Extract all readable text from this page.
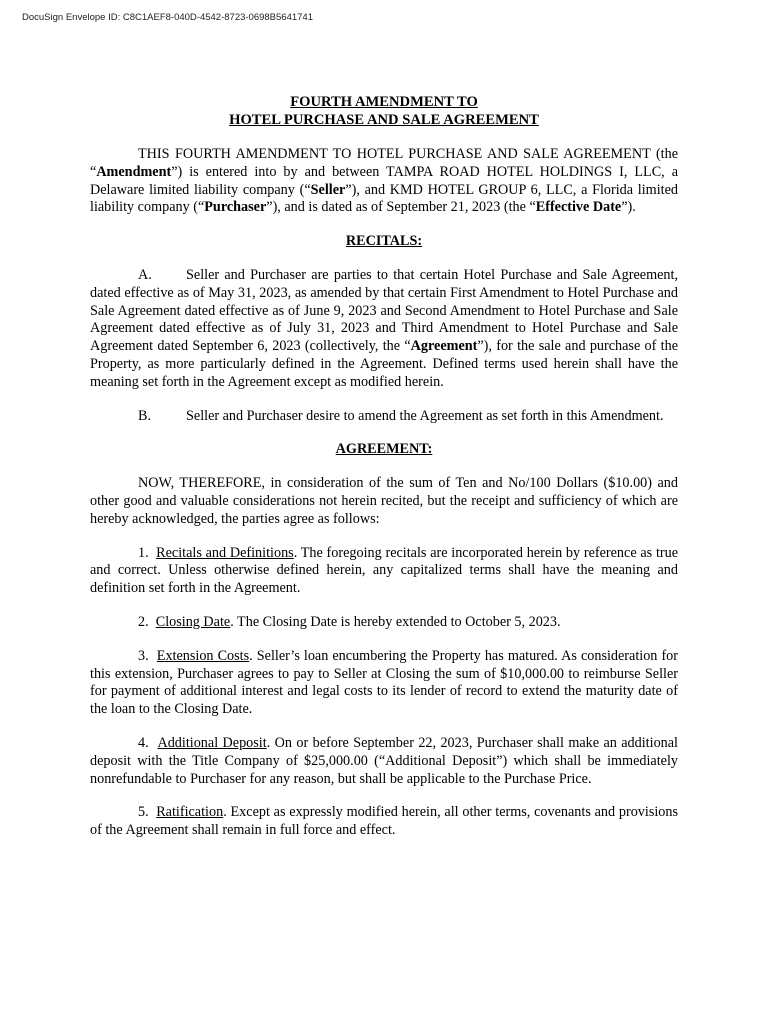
DocuSign Envelope ID: C8C1AEF8-040D-4542-8723-0698B5641741
FOURTH AMENDMENT TO
HOTEL PURCHASE AND SALE AGREEMENT

THIS FOURTH AMENDMENT TO HOTEL PURCHASE AND SALE AGREEMENT (the “Amendment”) is entered into by and between TAMPA ROAD HOTEL HOLDINGS I, LLC, a Delaware limited liability company (“Seller”), and KMD HOTEL GROUP 6, LLC, a Florida limited liability company (“Purchaser”), and is dated as of September 21, 2023 (the “Effective Date”).

RECITALS:

A. Seller and Purchaser are parties to that certain Hotel Purchase and Sale Agreement, dated effective as of May 31, 2023, as amended by that certain First Amendment to Hotel Purchase and Sale Agreement dated effective as of June 9, 2023 and Second Amendment to Hotel Purchase and Sale Agreement dated effective as of July 31, 2023 and Third Amendment to Hotel Purchase and Sale Agreement dated September 6, 2023 (collectively, the “Agreement”), for the sale and purchase of the Property, as more particularly defined in the Agreement. Defined terms used herein shall have the meaning set forth in the Agreement except as modified herein.

B. Seller and Purchaser desire to amend the Agreement as set forth in this Amendment.

AGREEMENT:

NOW, THEREFORE, in consideration of the sum of Ten and No/100 Dollars ($10.00) and other good and valuable considerations not herein recited, but the receipt and sufficiency of which are hereby acknowledged, the parties agree as follows:

1. Recitals and Definitions. The foregoing recitals are incorporated herein by reference as true and correct. Unless otherwise defined herein, any capitalized terms shall have the meaning and definition set forth in the Agreement.

2. Closing Date. The Closing Date is hereby extended to October 5, 2023.

3. Extension Costs. Seller’s loan encumbering the Property has matured. As consideration for this extension, Purchaser agrees to pay to Seller at Closing the sum of $10,000.00 to reimburse Seller for payment of additional interest and legal costs to its lender of record to extend the maturity date of the loan to the Closing Date.

4. Additional Deposit. On or before September 22, 2023, Purchaser shall make an additional deposit with the Title Company of $25,000.00 (“Additional Deposit”) which shall be immediately nonrefundable to Purchaser for any reason, but shall be applicable to the Purchase Price.

5. Ratification. Except as expressly modified herein, all other terms, covenants and provisions of the Agreement shall remain in full force and effect.
